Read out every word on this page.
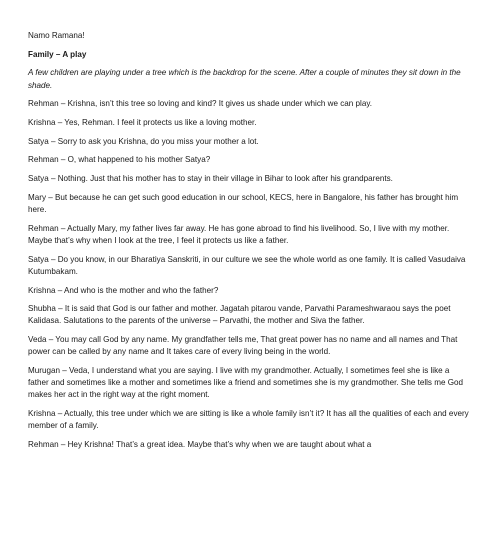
Namo Ramana!

Family – A play

A few children are playing under a tree which is the backdrop for the scene. After a couple of minutes they sit down in the shade.

Rehman – Krishna, isn’t this tree so loving and kind? It gives us shade under which we can play.

Krishna – Yes, Rehman. I feel it protects us like a loving mother.

Satya – Sorry to ask you Krishna, do you miss your mother a lot.

Rehman – O, what happened to his mother Satya?

Satya – Nothing. Just that his mother has to stay in their village in Bihar to look after his grandparents.

Mary – But because he can get such good education in our school, KECS, here in Bangalore, his father has brought him here.

Rehman – Actually Mary, my father lives far away. He has gone abroad to find his livelihood. So, I live with my mother. Maybe that’s why when I look at the tree, I feel it protects us like a father.

Satya – Do you know, in our Bharatiya Sanskriti, in our culture we see the whole world as one family. It is called Vasudaiva Kutumbakam.

Krishna – And who is the mother and who the father?

Shubha – It is said that God is our father and mother. Jagatah pitarou vande, Parvathi Parameshwaraou says the poet Kalidasa. Salutations to the parents of the universe – Parvathi, the mother and Siva the father.

Veda – You may call God by any name. My grandfather tells me, That great power has no name and all names and That power can be called by any name and It takes care of every living being in the world.

Murugan – Veda, I understand what you are saying. I live with my grandmother. Actually, I sometimes feel she is like a father and sometimes like a mother and sometimes like a friend and sometimes she is my grandmother. She tells me God makes her act in the right way at the right moment.

Krishna – Actually, this tree under which we are sitting is like a whole family isn’t it? It has all the qualities of each and every member of a family.

Rehman – Hey Krishna! That’s a great idea. Maybe that’s why when we are taught about what a
